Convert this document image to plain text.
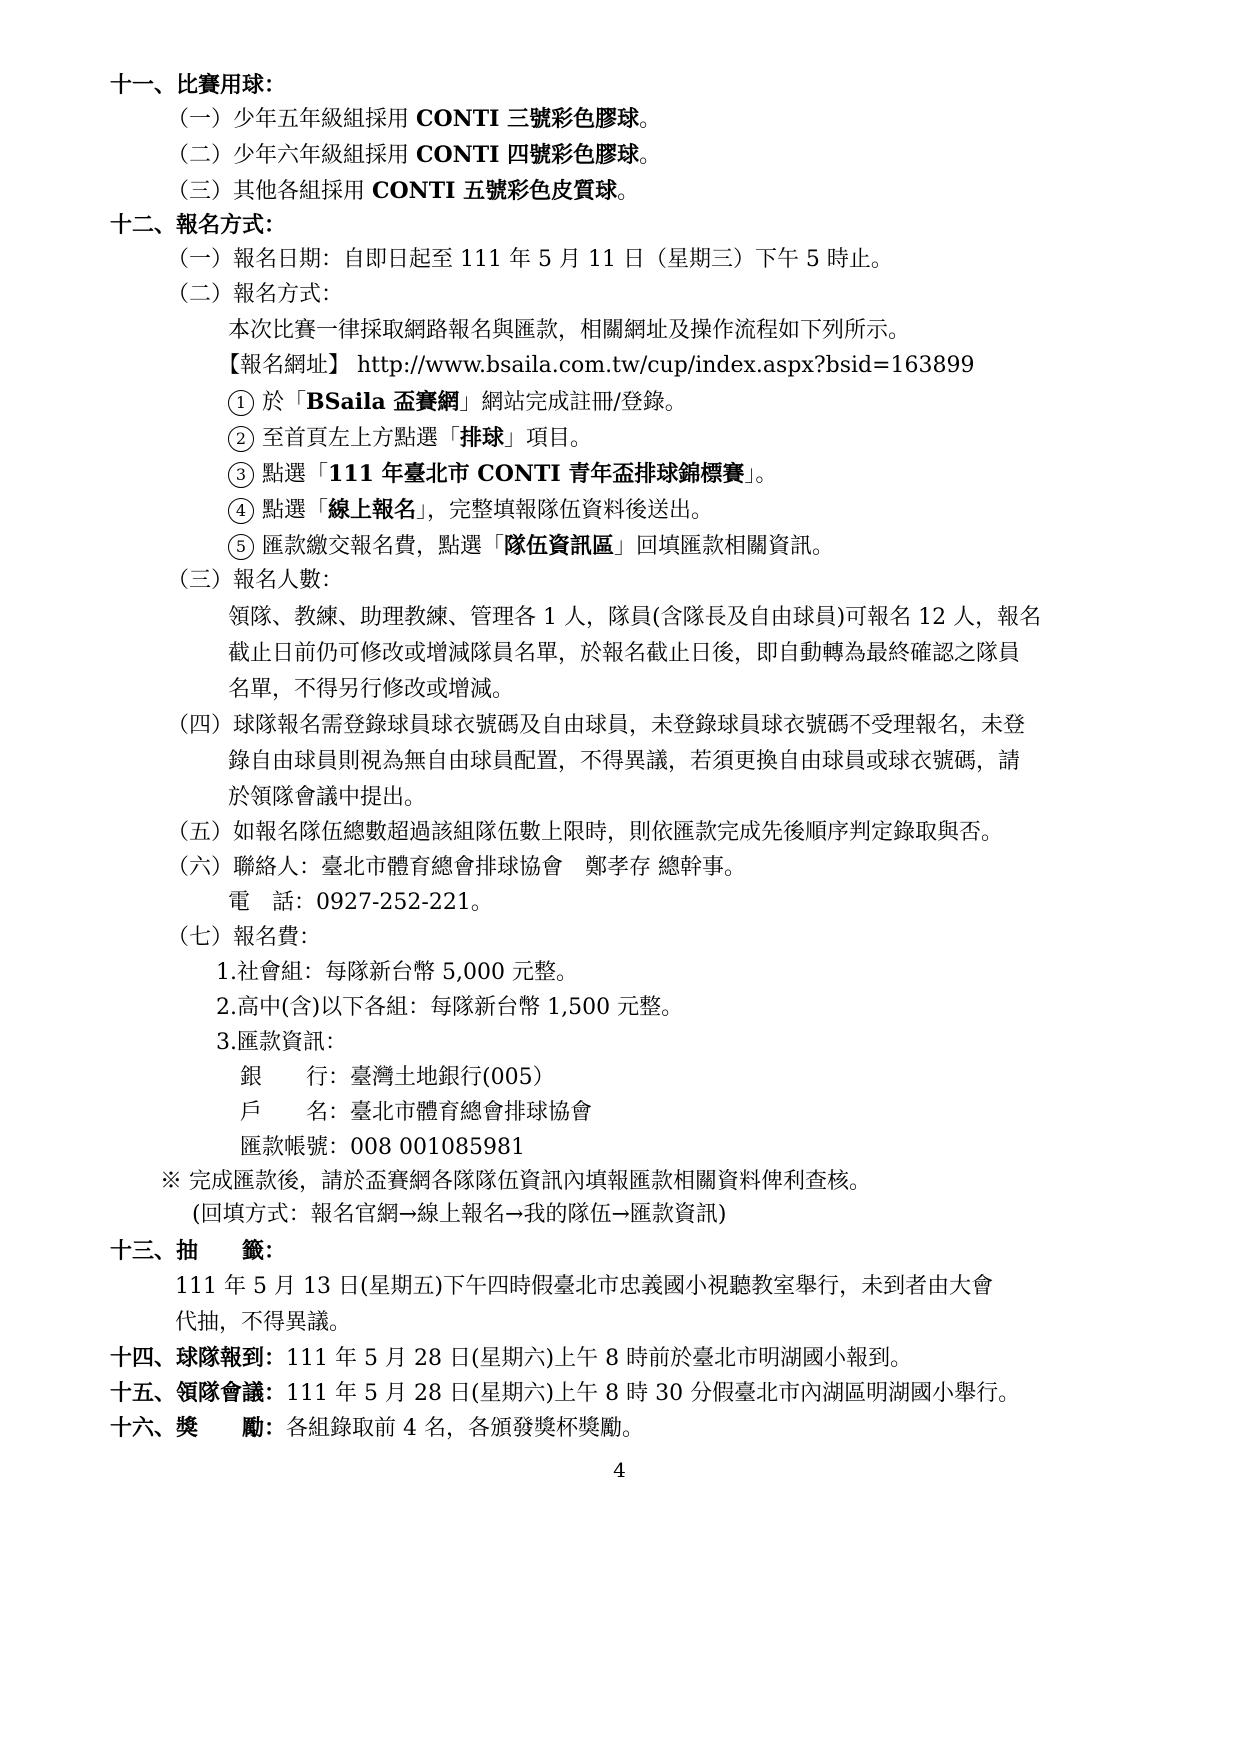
十一、比賽用球：
（一）少年五年級組採用 CONTI 三號彩色膠球。
（二）少年六年級組採用 CONTI 四號彩色膠球。
（三）其他各組採用 CONTI 五號彩色皮質球。
十二、報名方式：
（一）報名日期：自即日起至 111 年 5 月 11 日（星期三）下午 5 時止。
（二）報名方式：
本次比賽一律採取網路報名與匯款，相關網址及操作流程如下列所示。
【報名網址】 http://www.bsaila.com.tw/cup/index.aspx?bsid=163899
1 於「BSaila 盃賽網」網站完成註冊/登錄。
2 至首頁左上方點選「排球」項目。
3 點選「111 年臺北市 CONTI 青年盃排球錦標賽」。
4 點選「線上報名」，完整填報隊伍資料後送出。
5 匯款繳交報名費，點選「隊伍資訊區」回填匯款相關資訊。
（三）報名人數：
領隊、教練、助理教練、管理各 1 人，隊員(含隊長及自由球員)可報名 12 人，報名
截止日前仍可修改或增減隊員名單，於報名截止日後，即自動轉為最終確認之隊員
名單，不得另行修改或增減。
（四）球隊報名需登錄球員球衣號碼及自由球員，未登錄球員球衣號碼不受理報名，未登
錄自由球員則視為無自由球員配置，不得異議，若須更換自由球員或球衣號碼，請
於領隊會議中提出。
（五）如報名隊伍總數超過該組隊伍數上限時，則依匯款完成先後順序判定錄取與否。
（六）聯絡人：臺北市體育總會排球協會　鄭孝存 總幹事。
電　話：0927-252-221。
（七）報名費：
1.社會組：每隊新台幣 5,000 元整。
2.高中(含)以下各組：每隊新台幣 1,500 元整。
3.匯款資訊：
銀　　行：臺灣土地銀行(005）
戶　　名：臺北市體育總會排球協會
匯款帳號：008 001085981
※ 完成匯款後，請於盃賽網各隊隊伍資訊內填報匯款相關資料俾利查核。
(回填方式：報名官網→線上報名→我的隊伍→匯款資訊)
十三、抽　　籤：
111 年 5 月 13 日(星期五)下午四時假臺北市忠義國小視聽教室舉行，未到者由大會
代抽，不得異議。
十四、球隊報到：111 年 5 月 28 日(星期六)上午 8 時前於臺北市明湖國小報到。
十五、領隊會議：111 年 5 月 28 日(星期六)上午 8 時 30 分假臺北市內湖區明湖國小舉行。
十六、獎　　勵：各組錄取前 4 名，各頒發獎杯獎勵。
4
